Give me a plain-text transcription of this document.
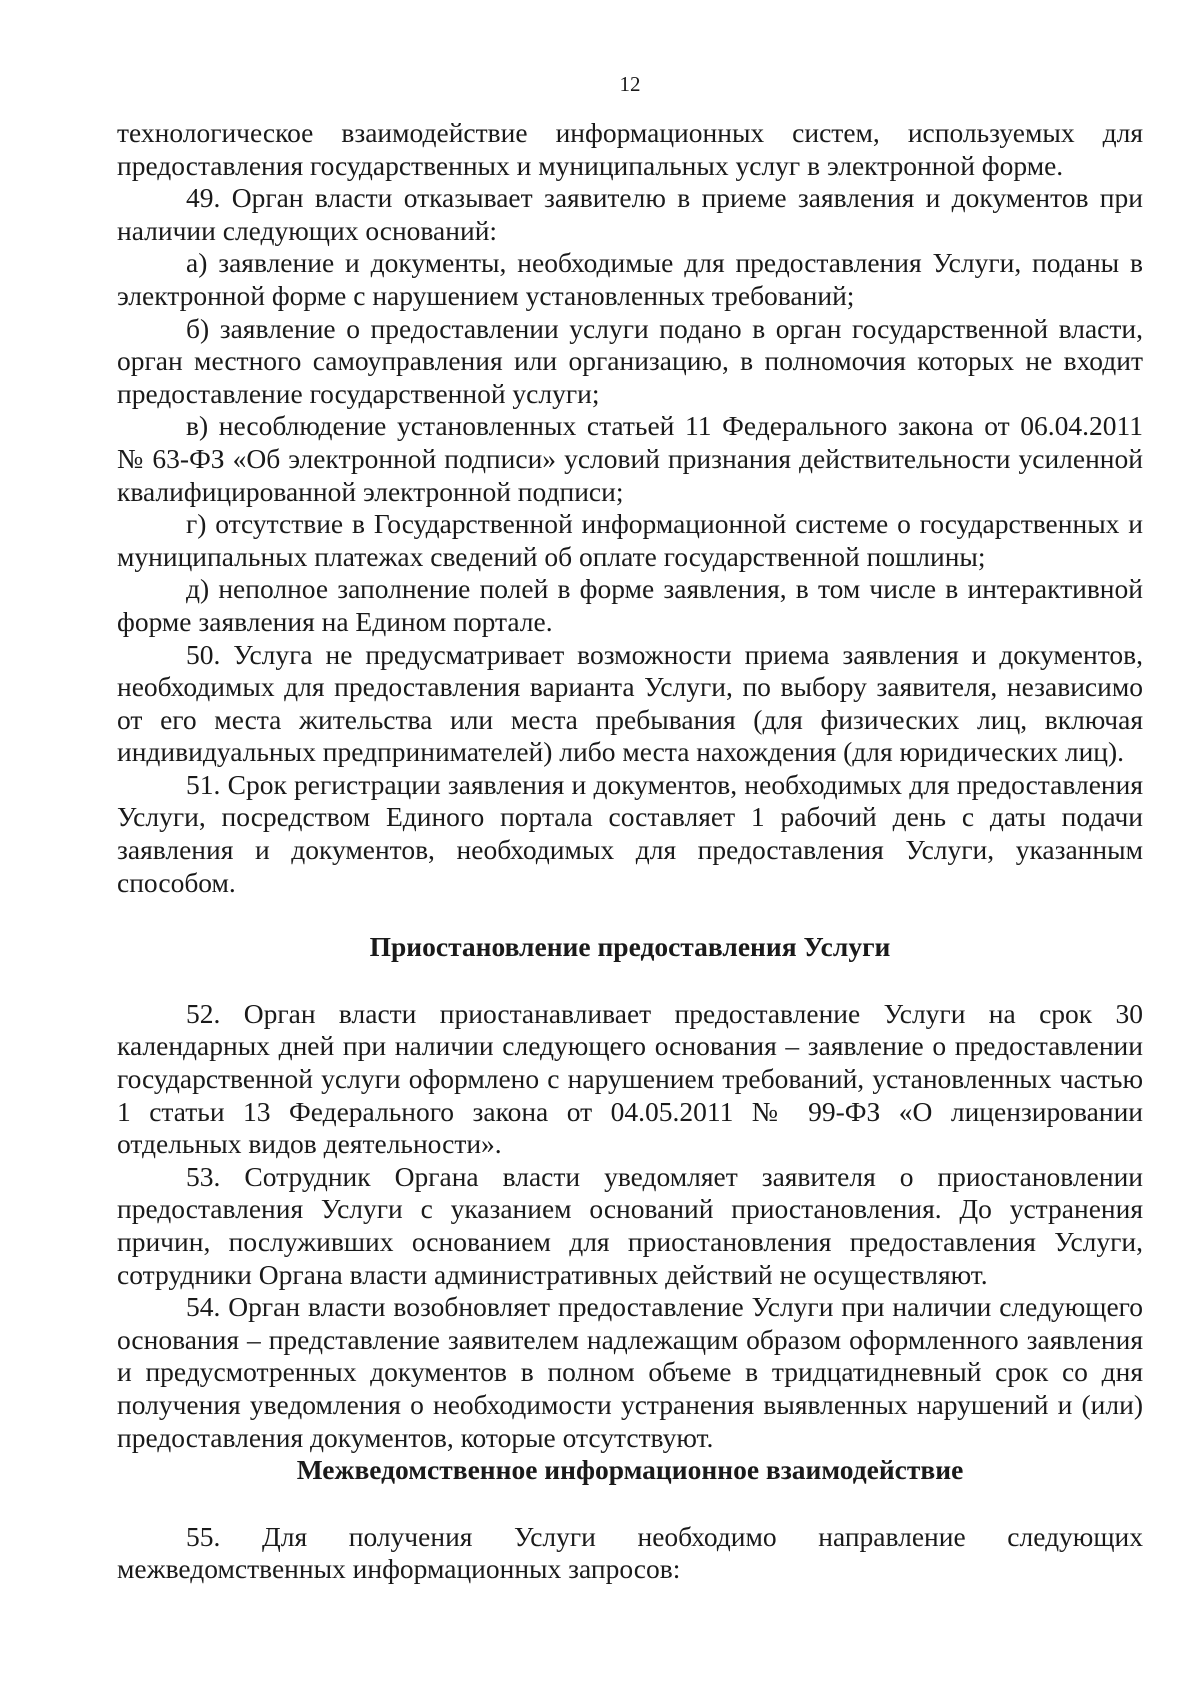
12

технологическое взаимодействие информационных систем, используемых для предоставления государственных и муниципальных услуг в электронной форме.

49. Орган власти отказывает заявителю в приеме заявления и документов при наличии следующих оснований:

а) заявление и документы, необходимые для предоставления Услуги, поданы в электронной форме с нарушением установленных требований;

б) заявление о предоставлении услуги подано в орган государственной власти, орган местного самоуправления или организацию, в полномочия которых не входит предоставление государственной услуги;

в) несоблюдение установленных статьей 11 Федерального закона от 06.04.2011 № 63-ФЗ «Об электронной подписи» условий признания действительности усиленной квалифицированной электронной подписи;

г) отсутствие в Государственной информационной системе о государственных и муниципальных платежах сведений об оплате государственной пошлины;

д) неполное заполнение полей в форме заявления, в том числе в интерактивной форме заявления на Едином портале.

50. Услуга не предусматривает возможности приема заявления и документов, необходимых для предоставления варианта Услуги, по выбору заявителя, независимо от его места жительства или места пребывания (для физических лиц, включая индивидуальных предпринимателей) либо места нахождения (для юридических лиц).

51. Срок регистрации заявления и документов, необходимых для предоставления Услуги, посредством Единого портала составляет 1 рабочий день с даты подачи заявления и документов, необходимых для предоставления Услуги, указанным способом.

Приостановление предоставления Услуги

52. Орган власти приостанавливает предоставление Услуги на срок 30 календарных дней при наличии следующего основания – заявление о предоставлении государственной услуги оформлено с нарушением требований, установленных частью 1 статьи 13 Федерального закона от 04.05.2011 № 99-ФЗ «О лицензировании отдельных видов деятельности».

53. Сотрудник Органа власти уведомляет заявителя о приостановлении предоставления Услуги с указанием оснований приостановления. До устранения причин, послуживших основанием для приостановления предоставления Услуги, сотрудники Органа власти административных действий не осуществляют.

54. Орган власти возобновляет предоставление Услуги при наличии следующего основания – представление заявителем надлежащим образом оформленного заявления и предусмотренных документов в полном объеме в тридцатидневный срок со дня получения уведомления о необходимости устранения выявленных нарушений и (или) предоставления документов, которые отсутствуют.

Межведомственное информационное взаимодействие

55. Для получения Услуги необходимо направление следующих межведомственных информационных запросов:
